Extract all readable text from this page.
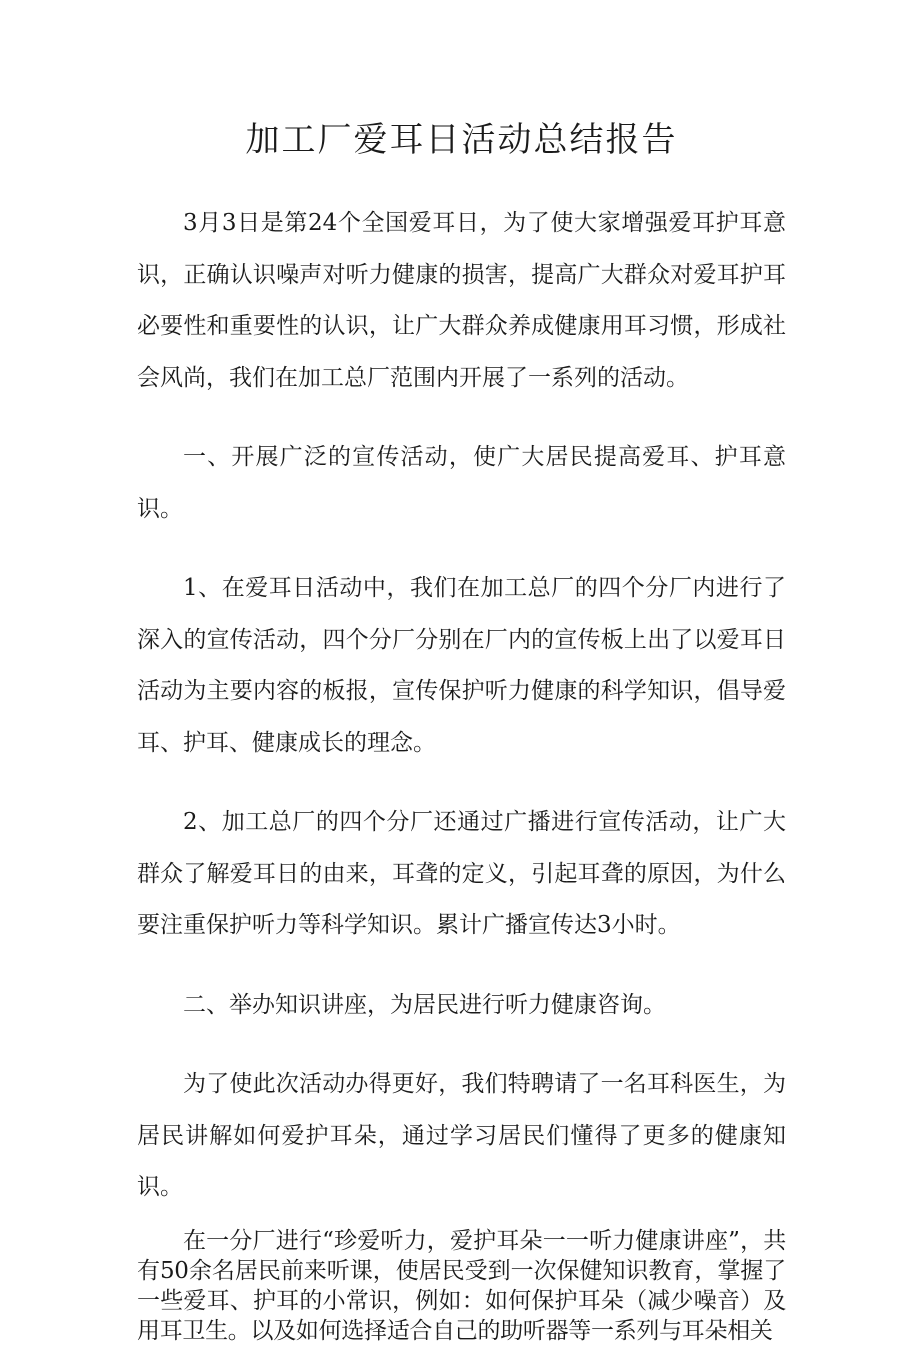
加工厂爱耳日活动总结报告

3月3日是第24个全国爱耳日，为了使大家增强爱耳护耳意识，正确认识噪声对听力健康的损害，提高广大群众对爱耳护耳必要性和重要性的认识，让广大群众养成健康用耳习惯，形成社会风尚，我们在加工总厂范围内开展了一系列的活动。

一、开展广泛的宣传活动，使广大居民提高爱耳、护耳意识。

1、在爱耳日活动中，我们在加工总厂的四个分厂内进行了深入的宣传活动，四个分厂分别在厂内的宣传板上出了以爱耳日活动为主要内容的板报，宣传保护听力健康的科学知识，倡导爱耳、护耳、健康成长的理念。

2、加工总厂的四个分厂还通过广播进行宣传活动，让广大群众了解爱耳日的由来，耳聋的定义，引起耳聋的原因，为什么要注重保护听力等科学知识。累计广播宣传达3小时。

二、举办知识讲座，为居民进行听力健康咨询。

为了使此次活动办得更好，我们特聘请了一名耳科医生，为居民讲解如何爱护耳朵，通过学习居民们懂得了更多的健康知识。

在一分厂进行“珍爱听力，爱护耳朵一一听力健康讲座”，共有50余名居民前来听课，使居民受到一次保健知识教育，掌握了一些爱耳、护耳的小常识，例如：如何保护耳朵（减少噪音）及用耳卫生。以及如何选择适合自己的助听器等一系列与耳朵相关
